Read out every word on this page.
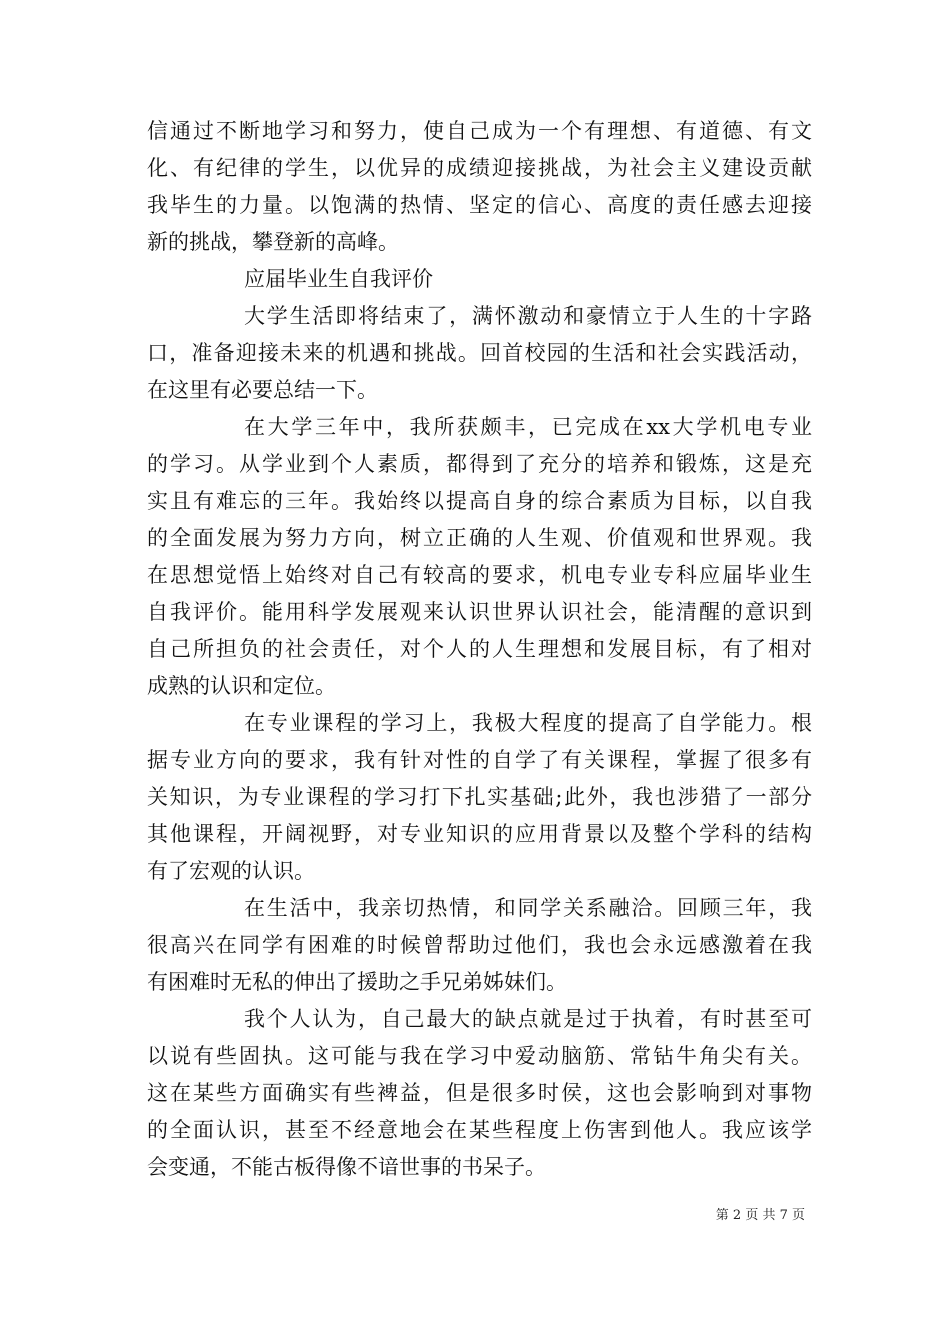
信通过不断地学习和努力，使自己成为一个有理想、有道德、有文
化、有纪律的学生，以优异的成绩迎接挑战，为社会主义建设贡献
我毕生的力量。以饱满的热情、坚定的信心、高度的责任感去迎接
新的挑战，攀登新的高峰。
应届毕业生自我评价
大学生活即将结束了，满怀激动和豪情立于人生的十字路
口，准备迎接未来的机遇和挑战。回首校园的生活和社会实践活动，
在这里有必要总结一下。
在大学三年中，我所获颇丰，已完成在xx大学机电专业
的学习。从学业到个人素质，都得到了充分的培养和锻炼，这是充
实且有难忘的三年。我始终以提高自身的综合素质为目标，以自我
的全面发展为努力方向，树立正确的人生观、价值观和世界观。我
在思想觉悟上始终对自己有较高的要求，机电专业专科应届毕业生
自我评价。能用科学发展观来认识世界认识社会，能清醒的意识到
自己所担负的社会责任，对个人的人生理想和发展目标，有了相对
成熟的认识和定位。
在专业课程的学习上，我极大程度的提高了自学能力。根
据专业方向的要求，我有针对性的自学了有关课程，掌握了很多有
关知识，为专业课程的学习打下扎实基础;此外，我也涉猎了一部分
其他课程，开阔视野，对专业知识的应用背景以及整个学科的结构
有了宏观的认识。
在生活中，我亲切热情，和同学关系融洽。回顾三年，我
很高兴在同学有困难的时候曾帮助过他们，我也会永远感激着在我
有困难时无私的伸出了援助之手兄弟姊妹们。
我个人认为，自己最大的缺点就是过于执着，有时甚至可
以说有些固执。这可能与我在学习中爱动脑筋、常钻牛角尖有关。
这在某些方面确实有些裨益，但是很多时侯，这也会影响到对事物
的全面认识，甚至不经意地会在某些程度上伤害到他人。我应该学
会变通，不能古板得像不谙世事的书呆子。
第 2 页 共 7 页
